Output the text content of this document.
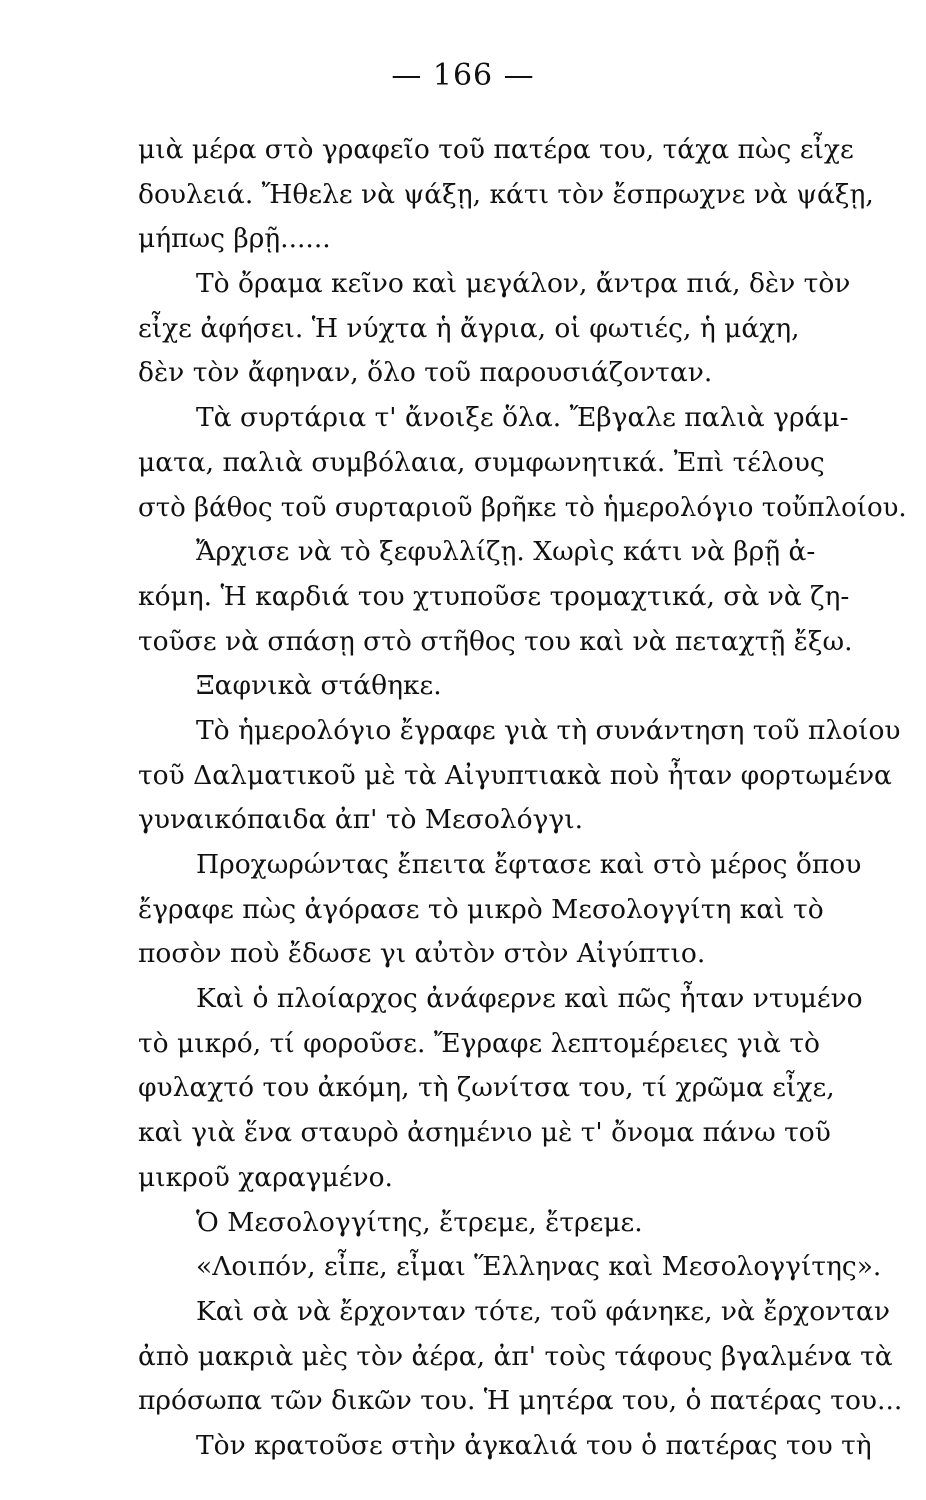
— 166 —
μιὰ μέρα στὸ γραφεῖο τοῦ πατέρα του, τάχα πὼς εἶχε
δουλειά. Ἤθελε νὰ ψάξῃ, κάτι τὸν ἔσπρωχνε νὰ ψάξῃ,
μήπως βρῇ......
Τὸ ὄραμα κεῖνο καὶ μεγάλον, ἄντρα πιά, δὲν τὸν
εἶχε ἀφήσει. Ἡ νύχτα ἡ ἄγρια, οἱ φωτιές, ἡ μάχη,
δὲν τὸν ἄφηναν, ὅλο τοῦ παρουσιάζονταν.
Τὰ συρτάρια τ' ἄνοιξε ὅλα. Ἔβγαλε παλιὰ γράμ-
ματα, παλιὰ συμβόλαια, συμφωνητικά. Ἐπὶ τέλους
στὸ βάθος τοῦ συρταριοῦ βρῆκε τὸ ἡμερολόγιο τοὔπλοίου.
Ἄρχισε νὰ τὸ ξεφυλλίζῃ. Χωρὶς κάτι νὰ βρῇ ἀ-
κόμη. Ἡ καρδιά του χτυποῦσε τρομαχτικά, σὰ νὰ ζη-
τοῦσε νὰ σπάσῃ στὸ στῆθος του καὶ νὰ πεταχτῇ ἔξω.
Ξαφνικὰ στάθηκε.
Τὸ ἡμερολόγιο ἔγραφε γιὰ τὴ συνάντηση τοῦ πλοίου
τοῦ Δαλματικοῦ μὲ τὰ Αἰγυπτιακὰ ποὺ ἦταν φορτωμένα
γυναικόπαιδα ἀπ' τὸ Μεσολόγγι.
Προχωρώντας ἔπειτα ἔφτασε καὶ στὸ μέρος ὅπου
ἔγραφε πὼς ἀγόρασε τὸ μικρὸ Μεσολογγίτη καὶ τὸ
ποσὸν ποὺ ἔδωσε γι αὐτὸν στὸν Αἰγύπτιο.
Καὶ ὁ πλοίαρχος ἀνάφερνε καὶ πῶς ἦταν ντυμένο
τὸ μικρό, τί φοροῦσε. Ἔγραφε λεπτομέρειες γιὰ τὸ
φυλαχτό του ἀκόμη, τὴ ζωνίτσα του, τί χρῶμα εἶχε,
καὶ γιὰ ἕνα σταυρὸ ἀσημένιο μὲ τ' ὄνομα πάνω τοῦ
μικροῦ χαραγμένο.
Ὁ Μεσολογγίτης, ἔτρεμε, ἔτρεμε.
«Λοιπόν, εἶπε, εἶμαι Ἕλληνας καὶ Μεσολογγίτης».
Καὶ σὰ νὰ ἔρχονταν τότε, τοῦ φάνηκε, νὰ ἔρχονταν
ἀπὸ μακριὰ μὲς τὸν ἀέρα, ἀπ' τοὺς τάφους βγαλμένα τὰ
πρόσωπα τῶν δικῶν του. Ἡ μητέρα του, ὁ πατέρας του...
Τὸν κρατοῦσε στὴν ἀγκαλιά του ὁ πατέρας του τὴ
